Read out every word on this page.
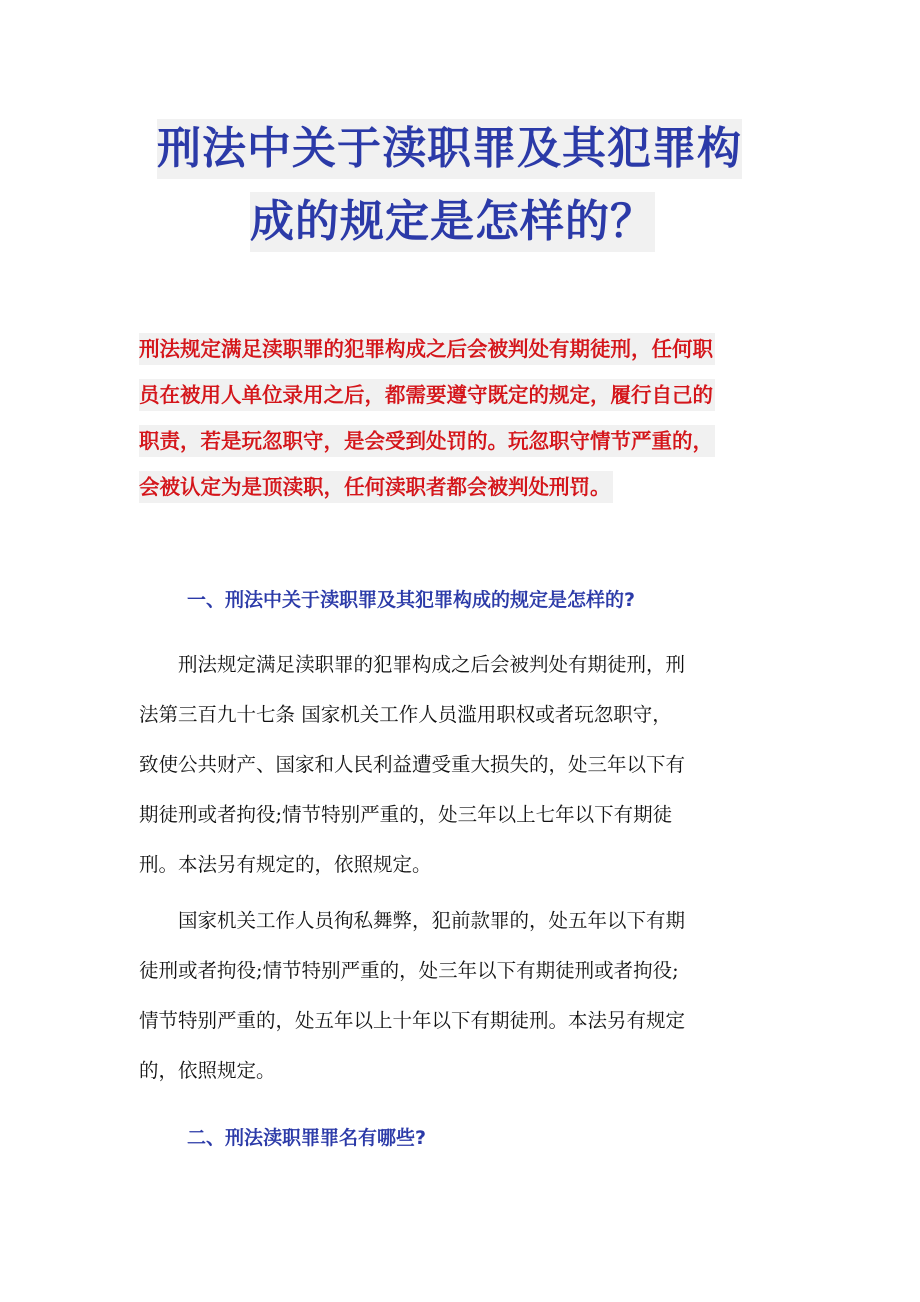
刑法中关于渎职罪及其犯罪构
成的规定是怎样的？
刑法规定满足渎职罪的犯罪构成之后会被判处有期徒刑，任何职
员在被用人单位录用之后，都需要遵守既定的规定，履行自己的
职责，若是玩忽职守，是会受到处罚的。玩忽职守情节严重的，
会被认定为是顶渎职，任何渎职者都会被判处刑罚。
一、刑法中关于渎职罪及其犯罪构成的规定是怎样的?
　　刑法规定满足渎职罪的犯罪构成之后会被判处有期徒刑，刑
法第三百九十七条 国家机关工作人员滥用职权或者玩忽职守，
致使公共财产、国家和人民利益遭受重大损失的，处三年以下有
期徒刑或者拘役;情节特别严重的，处三年以上七年以下有期徒
刑。本法另有规定的，依照规定。
　　国家机关工作人员徇私舞弊，犯前款罪的，处五年以下有期
徒刑或者拘役;情节特别严重的，处三年以下有期徒刑或者拘役;
情节特别严重的，处五年以上十年以下有期徒刑。本法另有规定
的，依照规定。
二、刑法渎职罪罪名有哪些?
